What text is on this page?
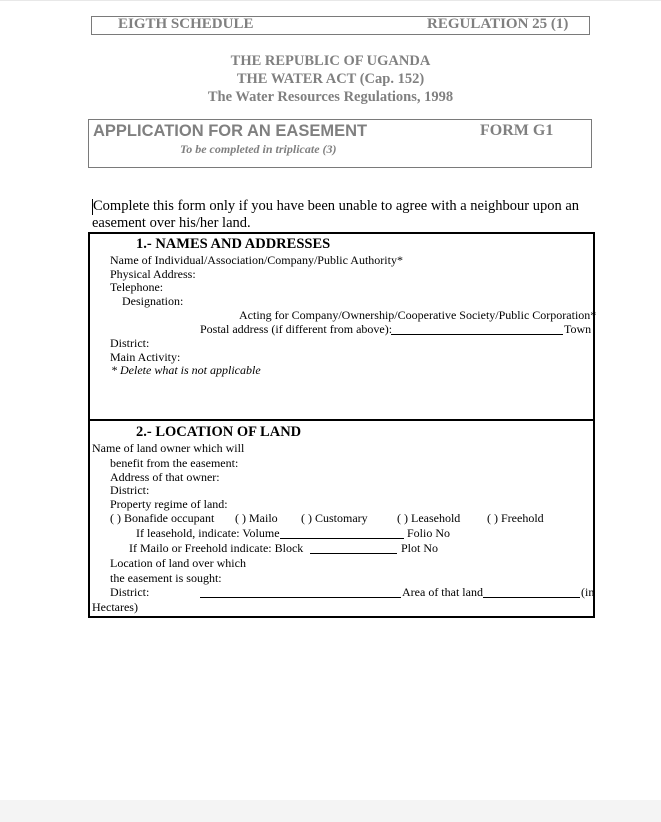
EIGTH SCHEDULE	REGULATION 25 (1)
THE REPUBLIC OF UGANDA
THE WATER ACT (Cap. 152)
The Water Resources Regulations, 1998
APPLICATION FOR AN EASEMENT	FORM G1
To be completed in triplicate (3)
Complete this form only if you have been unable to agree with a neighbour upon an
easement over his/her land.
1.- NAMES AND ADDRESSES
Name of Individual/Association/Company/Public Authority*
Physical Address:
Telephone:
Designation:
Acting for Company/Ownership/Cooperative Society/Public Corporation*
Postal address (if different from above):	Town
District:
Main Activity:
* Delete what is not applicable
2.- LOCATION OF LAND
Name of land owner which will
benefit from the easement:
Address of that owner:
District:
Property regime of land:
( ) Bonafide occupant ( ) Mailo ( ) Customary ( ) Leasehold ( ) Freehold
If leasehold, indicate: Volume	Folio No
If Mailo or Freehold indicate: Block	Plot No
Location of land over which
the easement is sought:
District:	Area of that land	(in
Hectares)
